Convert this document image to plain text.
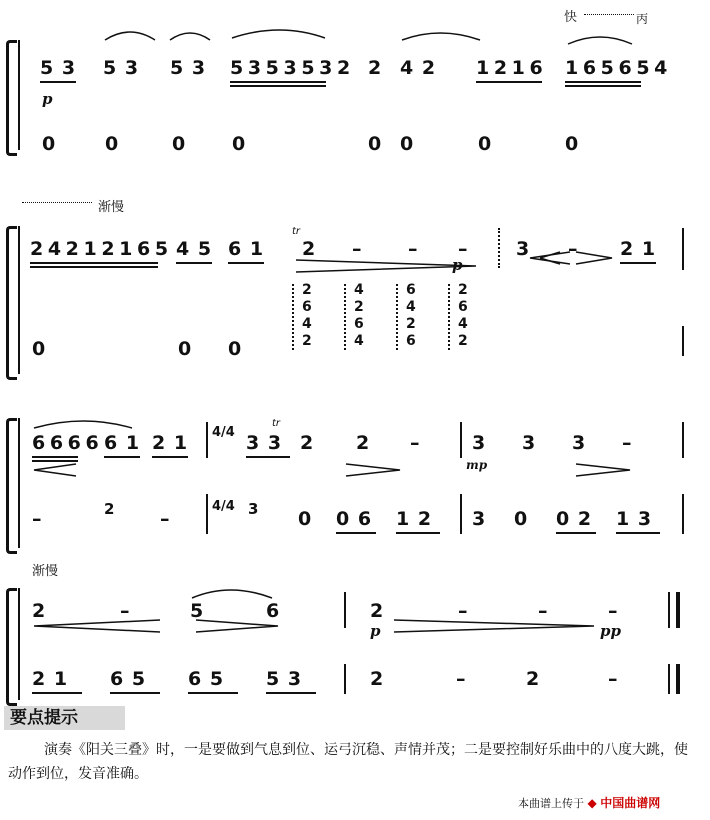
快	丙
5 3 5 3 5 3 5 3 5 3 5 3 2 2 4 2 1 2 1 6 1 6 5 6 5 4
p
0	0	0 0	0 0	0	0
渐慢
2 4 2 1 2 1 6 5 4 5 6 1 2 – – –	3 – 2 1
tr
p
0	0 0
2
6
4
2
4
2
6
4
6
4
2
6
2
6
4
2
4/4
4/4
6 6 6 6 6 1 2 1	3 3 2 2 –	3 3 3 –
tr
mp
–	2 –	3 0 0 6 1 2 3 0 0 2 1 3
渐慢
2	–	5	6	2	–	–	–
p	pp
2 1 6 5 6 5 5 3	2	–	2	–
要点提示
演奏《阳关三叠》时，一是要做到气息到位、运弓沉稳、声情并茂；二是要控制好乐曲中的八度大跳，使动作到位，发音准确。
本曲谱上传于 ◆ 中国曲谱网
